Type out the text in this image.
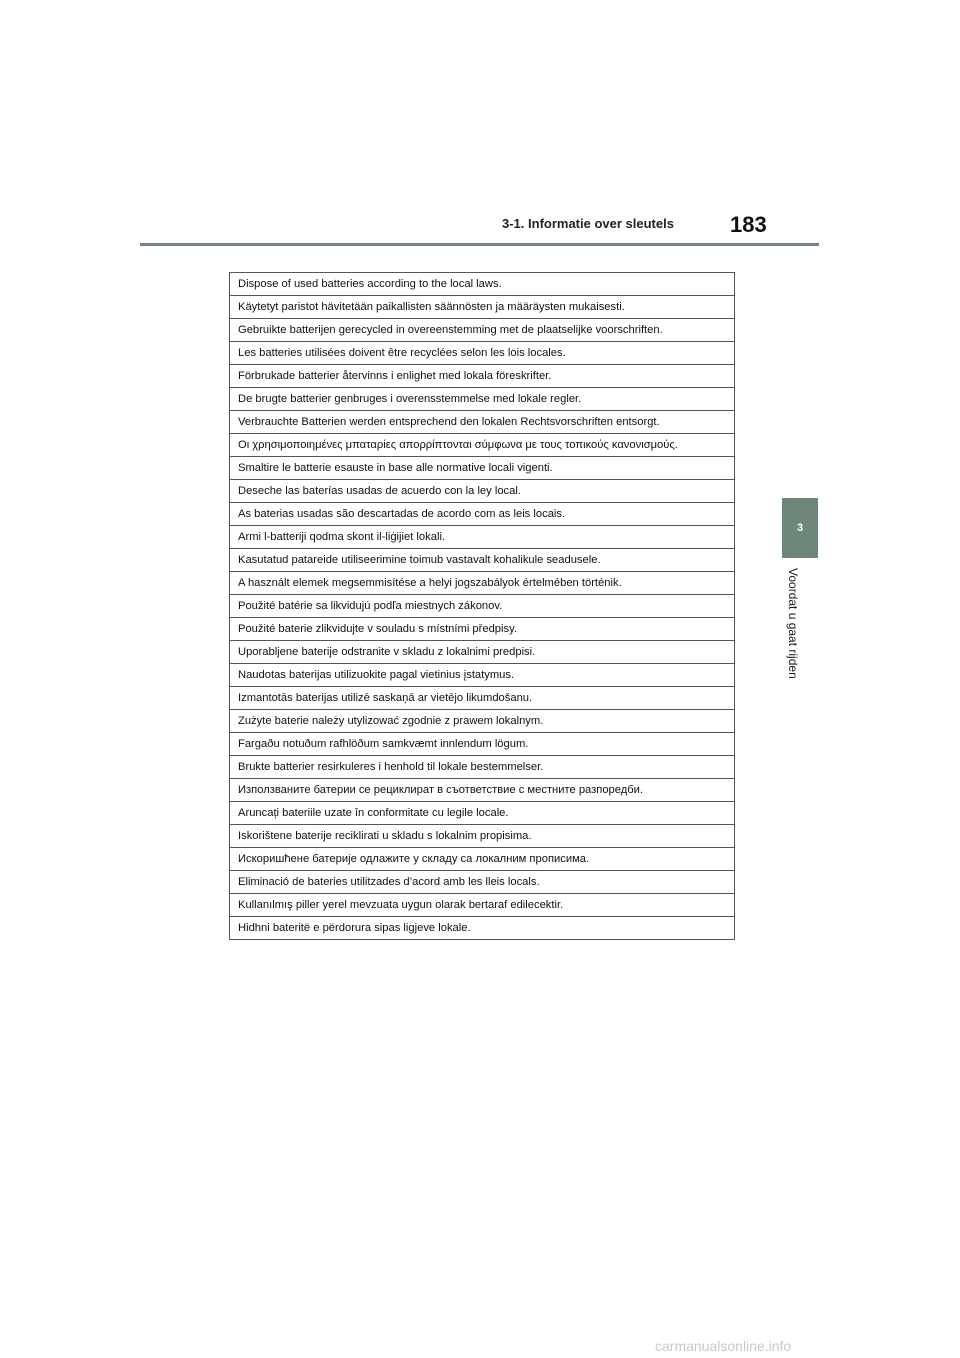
3-1. Informatie over sleutels	183
3
Voordat u gaat rijden
Dispose of used batteries according to the local laws.
Käytetyt paristot hävitetään paikallisten säännösten ja määräysten mukaisesti.
Gebruikte batterijen gerecycled in overeenstemming met de plaatselijke voorschriften.
Les batteries utilisées doivent être recyclées selon les lois locales.
Förbrukade batterier återvinns i enlighet med lokala föreskrifter.
De brugte batterier genbruges i overensstemmelse med lokale regler.
Verbrauchte Batterien werden entsprechend den lokalen Rechtsvorschriften entsorgt.
Οι χρησιμοποιημένες μπαταρίες απορρίπτονται σύμφωνα με τους τοπικούς κανονισμούς.
Smaltire le batterie esauste in base alle normative locali vigenti.
Deseche las baterías usadas de acuerdo con la ley local.
As baterias usadas são descartadas de acordo com as leis locais.
Armi l-batteriji qodma skont il-liġijiet lokali.
Kasutatud patareide utiliseerimine toimub vastavalt kohalikule seadusele.
A használt elemek megsemmisítése a helyi jogszabályok értelmében történik.
Použité batérie sa likvidujú podľa miestnych zákonov.
Použité baterie zlikvidujte v souladu s místními předpisy.
Uporabljene baterije odstranite v skladu z lokalnimi predpisi.
Naudotas baterijas utilizuokite pagal vietinius įstatymus.
Izmantotās baterijas utilizē saskaņā ar vietējo likumdošanu.
Zużyte baterie należy utylizować zgodnie z prawem lokalnym.
Fargaðu notuðum rafhlöðum samkvæmt innlendum lögum.
Brukte batterier resirkuleres i henhold til lokale bestemmelser.
Използваните батерии се рециклират в съответствие с местните разпоредби.
Aruncați bateriile uzate în conformitate cu legile locale.
Iskorištene baterije reciklirati u skladu s lokalnim propisima.
Искоришћене батерије одлажите у складу са локалним прописима.
Eliminació de bateries utilitzades d’acord amb les lleis locals.
Kullanılmış piller yerel mevzuata uygun olarak bertaraf edilecektir.
Hidhni bateritë e përdorura sipas ligjeve lokale.
carmanualsonline.info
